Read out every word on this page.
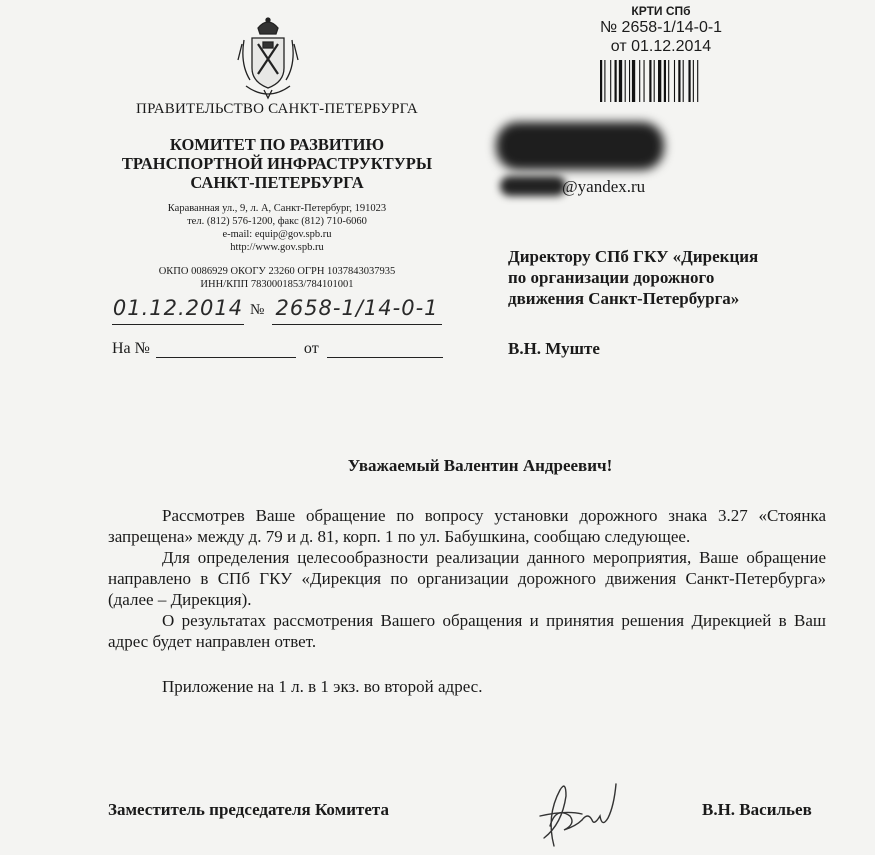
ПРАВИТЕЛЬСТВО САНКТ-ПЕТЕРБУРГА
КОМИТЕТ ПО РАЗВИТИЮ
ТРАНСПОРТНОЙ ИНФРАСТРУКТУРЫ
САНКТ-ПЕТЕРБУРГА
Караванная ул., 9, л. А, Санкт-Петербург, 191023
тел. (812) 576-1200, факс (812) 710-6060
e-mail: equip@gov.spb.ru
http://www.gov.spb.ru
ОКПО 0086929 ОКОГУ 23260 ОГРН 1037843037935
ИНН/КПП 7830001853/784101001
01.12.2014 № 2658-1/14-0-1
На №	от
КРТИ СПб
№ 2658-1/14-0-1
от 01.12.2014
@yandex.ru
Директору СПб ГКУ «Дирекция
по организации дорожного
движения Санкт-Петербурга»
В.Н. Муште
Уважаемый Валентин Андреевич!

Рассмотрев Ваше обращение по вопросу установки дорожного знака 3.27 «Стоянка запрещена» между д. 79 и д. 81, корп. 1 по ул. Бабушкина, сообщаю следующее.

Для определения целесообразности реализации данного мероприятия, Ваше обращение направлено в СПб ГКУ «Дирекция по организации дорожного движения Санкт-Петербурга» (далее – Дирекция).

О результатах рассмотрения Вашего обращения и принятия решения Дирекцией в Ваш адрес будет направлен ответ.

Приложение на 1 л. в 1 экз. во второй адрес.

Заместитель председателя Комитета	В.Н. Васильев
